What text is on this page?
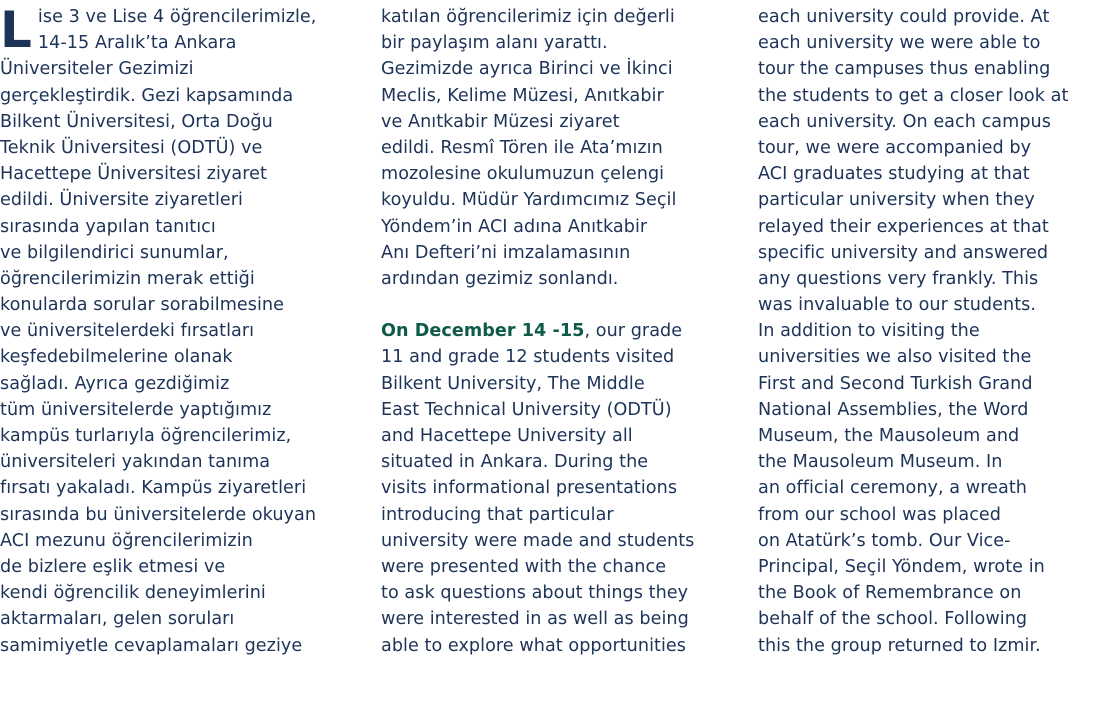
L ise 3 ve Lise 4 öğrencilerimizle,
14-15 Aralık’ta Ankara
Üniversiteler Gezimizi
gerçekleştirdik. Gezi kapsamında
Bilkent Üniversitesi, Orta Doğu
Teknik Üniversitesi (ODTÜ) ve
Hacettepe Üniversitesi ziyaret
edildi. Üniversite ziyaretleri
sırasında yapılan tanıtıcı
ve bilgilendirici sunumlar,
öğrencilerimizin merak ettiği
konularda sorular sorabilmesine
ve üniversitelerdeki fırsatları
keşfedebilmelerine olanak
sağladı. Ayrıca gezdiğimiz
tüm üniversitelerde yaptığımız
kampüs turlarıyla öğrencilerimiz,
üniversiteleri yakından tanıma
fırsatı yakaladı. Kampüs ziyaretleri
sırasında bu üniversitelerde okuyan
ACI mezunu öğrencilerimizin
de bizlere eşlik etmesi ve
kendi öğrencilik deneyimlerini
aktarmaları, gelen soruları
samimiyetle cevaplamaları geziye
katılan öğrencilerimiz için değerli
bir paylaşım alanı yarattı.
Gezimizde ayrıca Birinci ve İkinci
Meclis, Kelime Müzesi, Anıtkabir
ve Anıtkabir Müzesi ziyaret
edildi. Resmî Tören ile Ata’mızın
mozolesine okulumuzun çelengi
koyuldu. Müdür Yardımcımız Seçil
Yöndem’in ACI adına Anıtkabir
Anı Defteri’ni imzalamasının
ardından gezimiz sonlandı.
On December 14 -15, our grade
11 and grade 12 students visited
Bilkent University, The Middle
East Technical University (ODTÜ)
and Hacettepe University all
situated in Ankara. During the
visits informational presentations
introducing that particular
university were made and students
were presented with the chance
to ask questions about things they
were interested in as well as being
able to explore what opportunities
each university could provide. At
each university we were able to
tour the campuses thus enabling
the students to get a closer look at
each university. On each campus
tour, we were accompanied by
ACI graduates studying at that
particular university when they
relayed their experiences at that
specific university and answered
any questions very frankly. This
was invaluable to our students.
In addition to visiting the
universities we also visited the
First and Second Turkish Grand
National Assemblies, the Word
Museum, the Mausoleum and
the Mausoleum Museum. In
an official ceremony, a wreath
from our school was placed
on Atatürk’s tomb. Our Vice-
Principal, Seçil Yöndem, wrote in
the Book of Remembrance on
behalf of the school. Following
this the group returned to Izmir.
